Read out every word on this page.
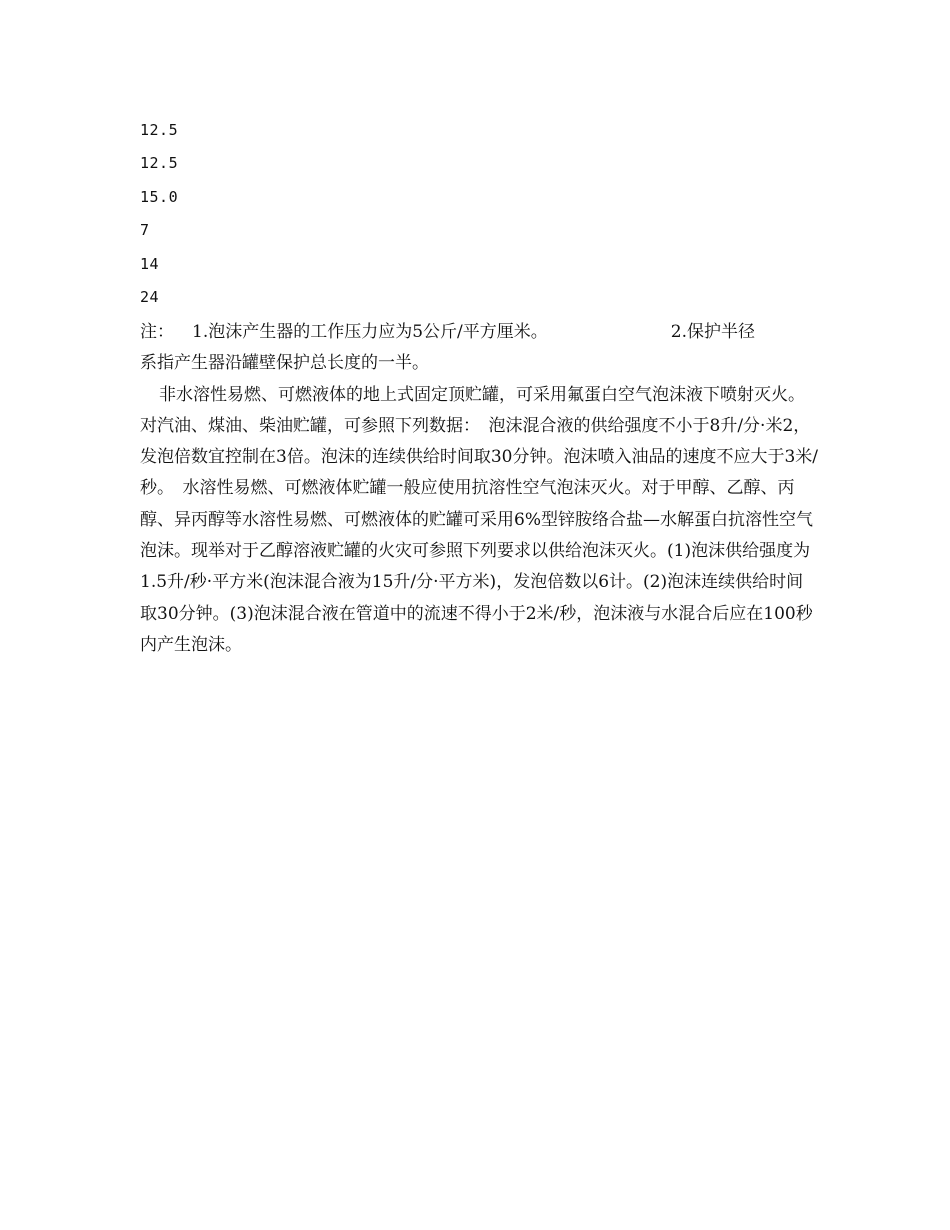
12.5
12.5
15.0
7
14
24
注： 1.泡沫产生器的工作压力应为5公斤/平方厘米。	2.保护半径

系指产生器沿罐壁保护总长度的一半。

非水溶性易燃、可燃液体的地上式固定顶贮罐，可采用氟蛋白空气泡沫液下喷射灭火。对汽油、煤油、柴油贮罐，可参照下列数据：　泡沫混合液的供给强度不小于8升/分·米2，发泡倍数宜控制在3倍。泡沫的连续供给时间取30分钟。泡沫喷入油品的速度不应大于3米/秒。　水溶性易燃、可燃液体贮罐一般应使用抗溶性空气泡沫灭火。对于甲醇、乙醇、丙醇、异丙醇等水溶性易燃、可燃液体的贮罐可采用6%型锌胺络合盐—水解蛋白抗溶性空气泡沫。现举对于乙醇溶液贮罐的火灾可参照下列要求以供给泡沫灭火。(1)泡沫供给强度为1.5升/秒·平方米(泡沫混合液为15升/分·平方米)，发泡倍数以6计。(2)泡沫连续供给时间取30分钟。(3)泡沫混合液在管道中的流速不得小于2米/秒，泡沫液与水混合后应在100秒内产生泡沫。
